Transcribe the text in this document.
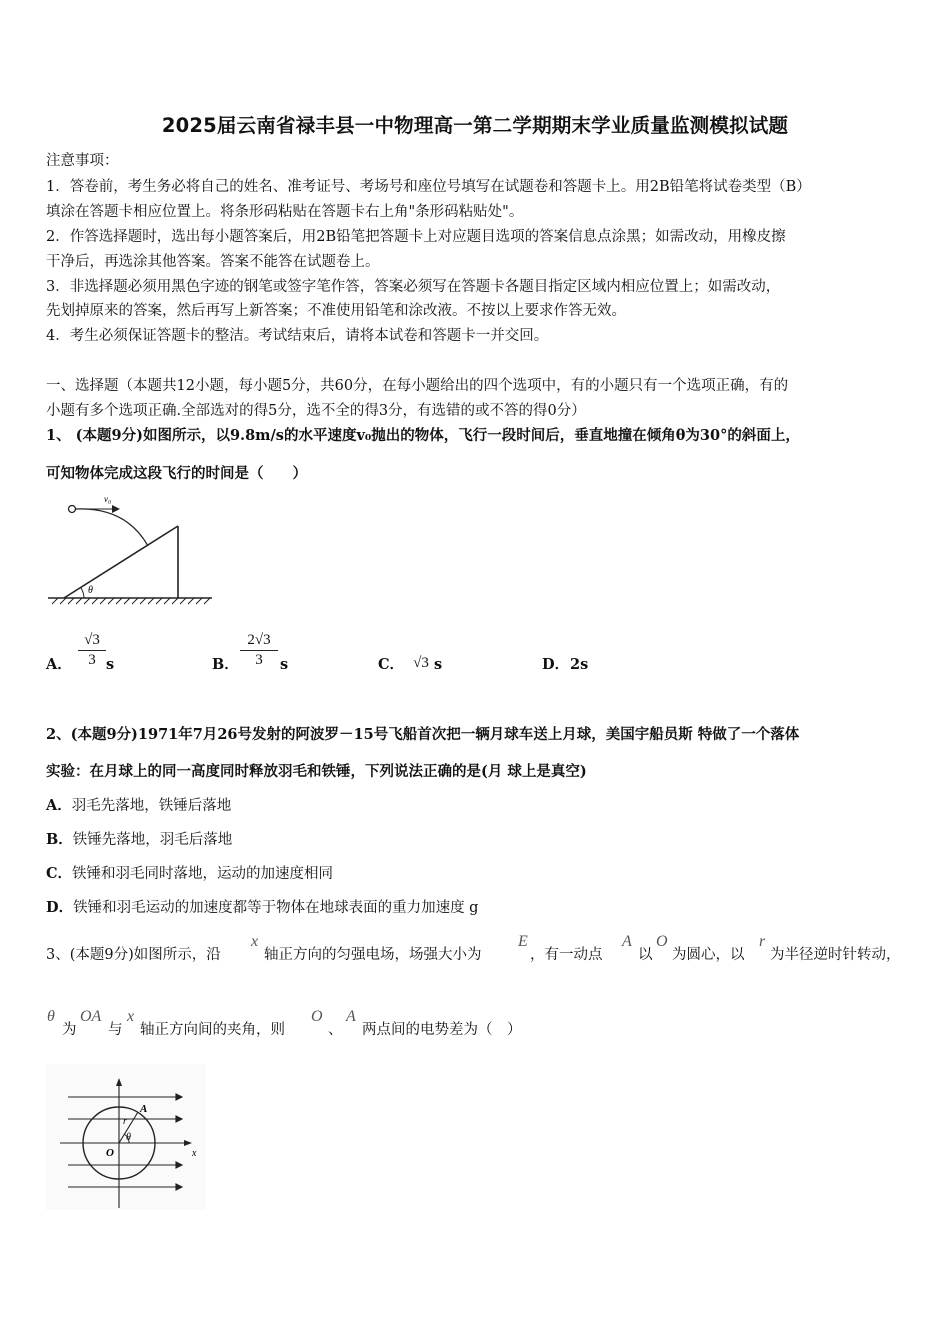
2025届云南省禄丰县一中物理高一第二学期期末学业质量监测模拟试题
注意事项：
1．答卷前，考生务必将自己的姓名、准考证号、考场号和座位号填写在试题卷和答题卡上。用2B铅笔将试卷类型（B）
填涂在答题卡相应位置上。将条形码粘贴在答题卡右上角"条形码粘贴处"。
2．作答选择题时，选出每小题答案后，用2B铅笔把答题卡上对应题目选项的答案信息点涂黑；如需改动，用橡皮擦
干净后，再选涂其他答案。答案不能答在试题卷上。
3．非选择题必须用黑色字迹的钢笔或签字笔作答，答案必须写在答题卡各题目指定区域内相应位置上；如需改动，
先划掉原来的答案，然后再写上新答案；不准使用铅笔和涂改液。不按以上要求作答无效。
4．考生必须保证答题卡的整洁。考试结束后，请将本试卷和答题卡一并交回。
一、选择题（本题共12小题，每小题5分，共60分，在每小题给出的四个选项中，有的小题只有一个选项正确，有的
小题有多个选项正确.全部选对的得5分，选不全的得3分，有选错的或不答的得0分）
1、 (本题9分)如图所示，以9.8m/s的水平速度v₀抛出的物体，飞行一段时间后，垂直地撞在倾角θ为30°的斜面上，
可知物体完成这段飞行的时间是（　　）
θ
v₀
A．
√3
3 s	B．
2√3
3	s	C． √3 s	D． 2s
2、(本题9分)1971年7月26号发射的阿波罗－15号飞船首次把一辆月球车送上月球，美国宇船员斯 特做了一个落体
实验：在月球上的同一高度同时释放羽毛和铁锤，下列说法正确的是(月 球上是真空)
A．羽毛先落地，铁锤后落地
B．铁锤先落地，羽毛后落地
C．铁锤和羽毛同时落地，运动的加速度相同
D．铁锤和羽毛运动的加速度都等于物体在地球表面的重力加速度 g
3、(本题9分)如图所示，沿
x
轴正方向的匀强电场，场强大小为
E
，有一动点
A
以
O
为圆心，以
r
为半径逆时针转动，
θ
为
OA
与
x
轴正方向间的夹角，则
O
、
A
两点间的电势差为（　）
A
r
θ
O	x
